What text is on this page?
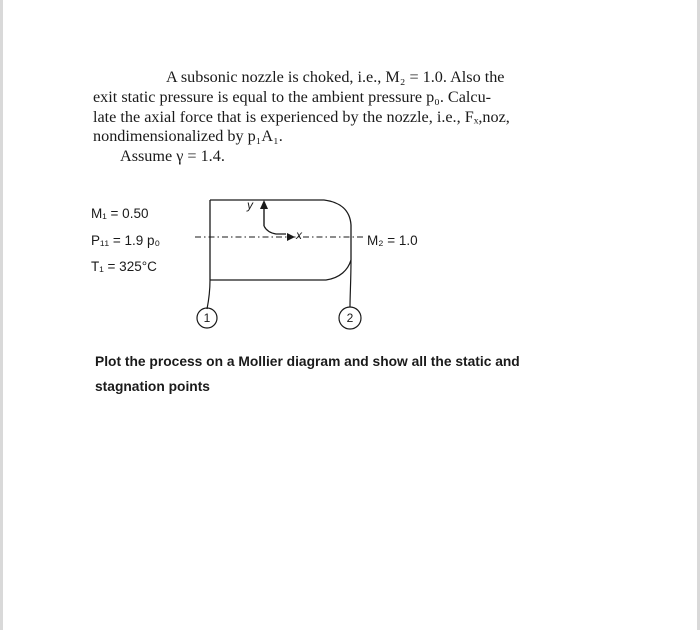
A subsonic nozzle is choked, i.e., M₂ = 1.0. Also the
exit static pressure is equal to the ambient pressure p₀. Calcu-
late the axial force that is experienced by the nozzle, i.e., Fₓ,noz,
nondimensionalized by p₁A₁.
Assume γ = 1.4.
y
x
1	2
M₁ = 0.50
P₁₁ = 1.9 p₀
T₁ = 325°C
M₂ = 1.0
Plot the process on a Mollier diagram and show all the static and
stagnation points
